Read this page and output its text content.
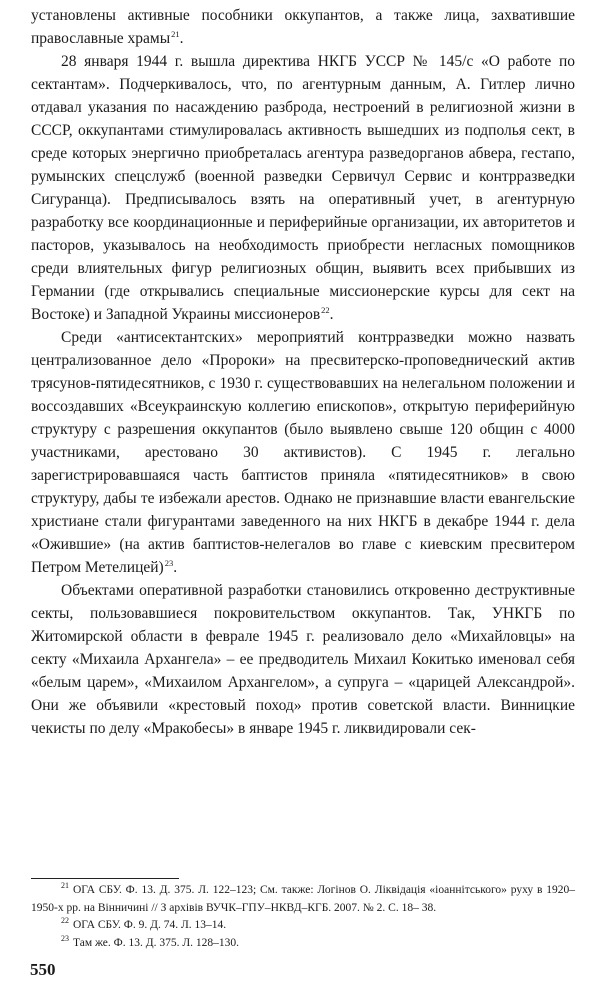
установлены активные пособники оккупантов, а также лица, захватившие православные храмы$^{21}$.

28 января 1944 г. вышла директива НКГБ УССР № 145/с «О работе по сектантам». Подчеркивалось, что, по агентурным данным, А. Гитлер лично отдавал указания по насаждению разброда, нестроений в религиозной жизни в СССР, оккупантами стимулировалась активность вышедших из подполья сект, в среде которых энергично приобреталась агентура разведорганов абвера, гестапо, румынских спецслужб (военной разведки Сервичул Сервис и контрразведки Сигуранца). Предписывалось взять на оперативный учет, в агентурную разработку все координационные и периферийные организации, их авторитетов и пасторов, указывалось на необходимость приобрести негласных помощников среди влиятельных фигур религиозных общин, выявить всех прибывших из Германии (где открывались специальные миссионерские курсы для сект на Востоке) и Западной Украины миссионеров$^{22}$.

Среди «антисектантских» мероприятий контрразведки можно назвать централизованное дело «Пророки» на пресвитерско-проповеднический актив трясунов-пятидесятников, с 1930 г. существовавших на нелегальном положении и воссоздавших «Всеукраинскую коллегию епископов», открытую периферийную структуру с разрешения оккупантов (было выявлено свыше 120 общин с 4000 участниками, арестовано 30 активистов). С 1945 г. легально зарегистрировавшаяся часть баптистов приняла «пятидесятников» в свою структуру, дабы те избежали арестов. Однако не признавшие власти евангельские христиане стали фигурантами заведенного на них НКГБ в декабре 1944 г. дела «Ожившие» (на актив баптистов-нелегалов во главе с киевским пресвитером Петром Метелицей)$^{23}$.

Объектами оперативной разработки становились откровенно деструктивные секты, пользовавшиеся покровительством оккупантов. Так, УНКГБ по Житомирской области в феврале 1945 г. реализовало дело «Михайловцы» на секту «Михаила Архангела» – ее предводитель Михаил Кокитько именовал себя «белым царем», «Михаилом Архангелом», а супруга – «царицей Александрой». Они же объявили «крестовый поход» против советской власти. Винницкие чекисты по делу «Мракобесы» в январе 1945 г. ликвидировали сек-

$^{21}$ ОГА СБУ. Ф. 13. Д. 375. Л. 122–123; См. также: Логінов О. Ліквідація «іоаннітського» руху в 1920–1950-х рр. на Вінничині // З архівів ВУЧК–ГПУ–НКВД–КГБ. 2007. № 2. С. 18– 38.

$^{22}$ ОГА СБУ. Ф. 9. Д. 74. Л. 13–14.

$^{23}$ Там же. Ф. 13. Д. 375. Л. 128–130.

550
